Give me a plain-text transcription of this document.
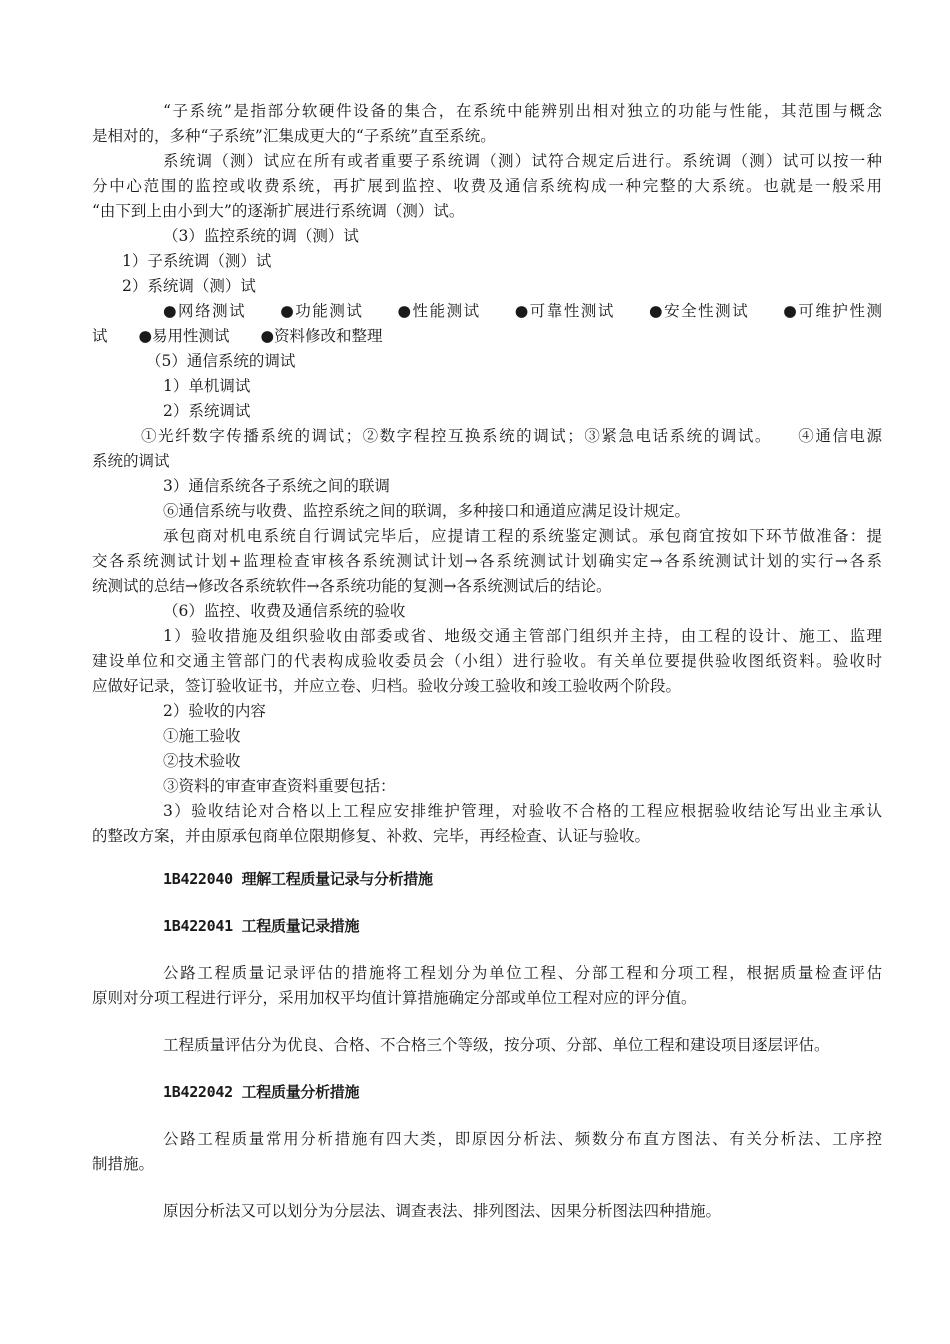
“子系统”是指部分软硬件设备的集合，在系统中能辨别出相对独立的功能与性能，其范围与概念
是相对的，多种“子系统”汇集成更大的“子系统”直至系统。
系统调（测）试应在所有或者重要子系统调（测）试符合规定后进行。系统调（测）试可以按一种
分中心范围的监控或收费系统，再扩展到监控、收费及通信系统构成一种完整的大系统。也就是一般采用
“由下到上由小到大”的逐渐扩展进行系统调（测）试。
（3）监控系统的调（测）试
1）子系统调（测）试
2）系统调（测）试
●网络测试　　●功能测试　　●性能测试　　●可靠性测试　　●安全性测试　　●可维护性测
试　　●易用性测试　　●资料修改和整理
（5）通信系统的调试
1）单机调试
2）系统调试
①光纤数字传播系统的调试；②数字程控互换系统的调试；③紧急电话系统的调试。　　④通信电源
系统的调试
3）通信系统各子系统之间的联调
⑥通信系统与收费、监控系统之间的联调，多种接口和通道应满足设计规定。
承包商对机电系统自行调试完毕后，应提请工程的系统鉴定测试。承包商宜按如下环节做准备：提
交各系统测试计划+监理检查审核各系统测试计划→各系统测试计划确实定→各系统测试计划的实行→各系
统测试的总结→修改各系统软件→各系统功能的复测→各系统测试后的结论。
（6）监控、收费及通信系统的验收
1）验收措施及组织验收由部委或省、地级交通主管部门组织并主持，由工程的设计、施工、监理
建设单位和交通主管部门的代表构成验收委员会（小组）进行验收。有关单位要提供验收图纸资料。验收时
应做好记录，签订验收证书，并应立卷、归档。验收分竣工验收和竣工验收两个阶段。
2）验收的内容
①施工验收
②技术验收
③资料的审查审查资料重要包括：
3）验收结论对合格以上工程应安排维护管理，对验收不合格的工程应根据验收结论写出业主承认
的整改方案，并由原承包商单位限期修复、补救、完毕，再经检查、认证与验收。
1B422040 理解工程质量记录与分析措施
1B422041 工程质量记录措施
公路工程质量记录评估的措施将工程划分为单位工程、分部工程和分项工程，根据质量检查评估
原则对分项工程进行评分，采用加权平均值计算措施确定分部或单位工程对应的评分值。
工程质量评估分为优良、合格、不合格三个等级，按分项、分部、单位工程和建设项目逐层评估。
1B422042 工程质量分析措施
公路工程质量常用分析措施有四大类，即原因分析法、频数分布直方图法、有关分析法、工序控
制措施。
原因分析法又可以划分为分层法、调查表法、排列图法、因果分析图法四种措施。
